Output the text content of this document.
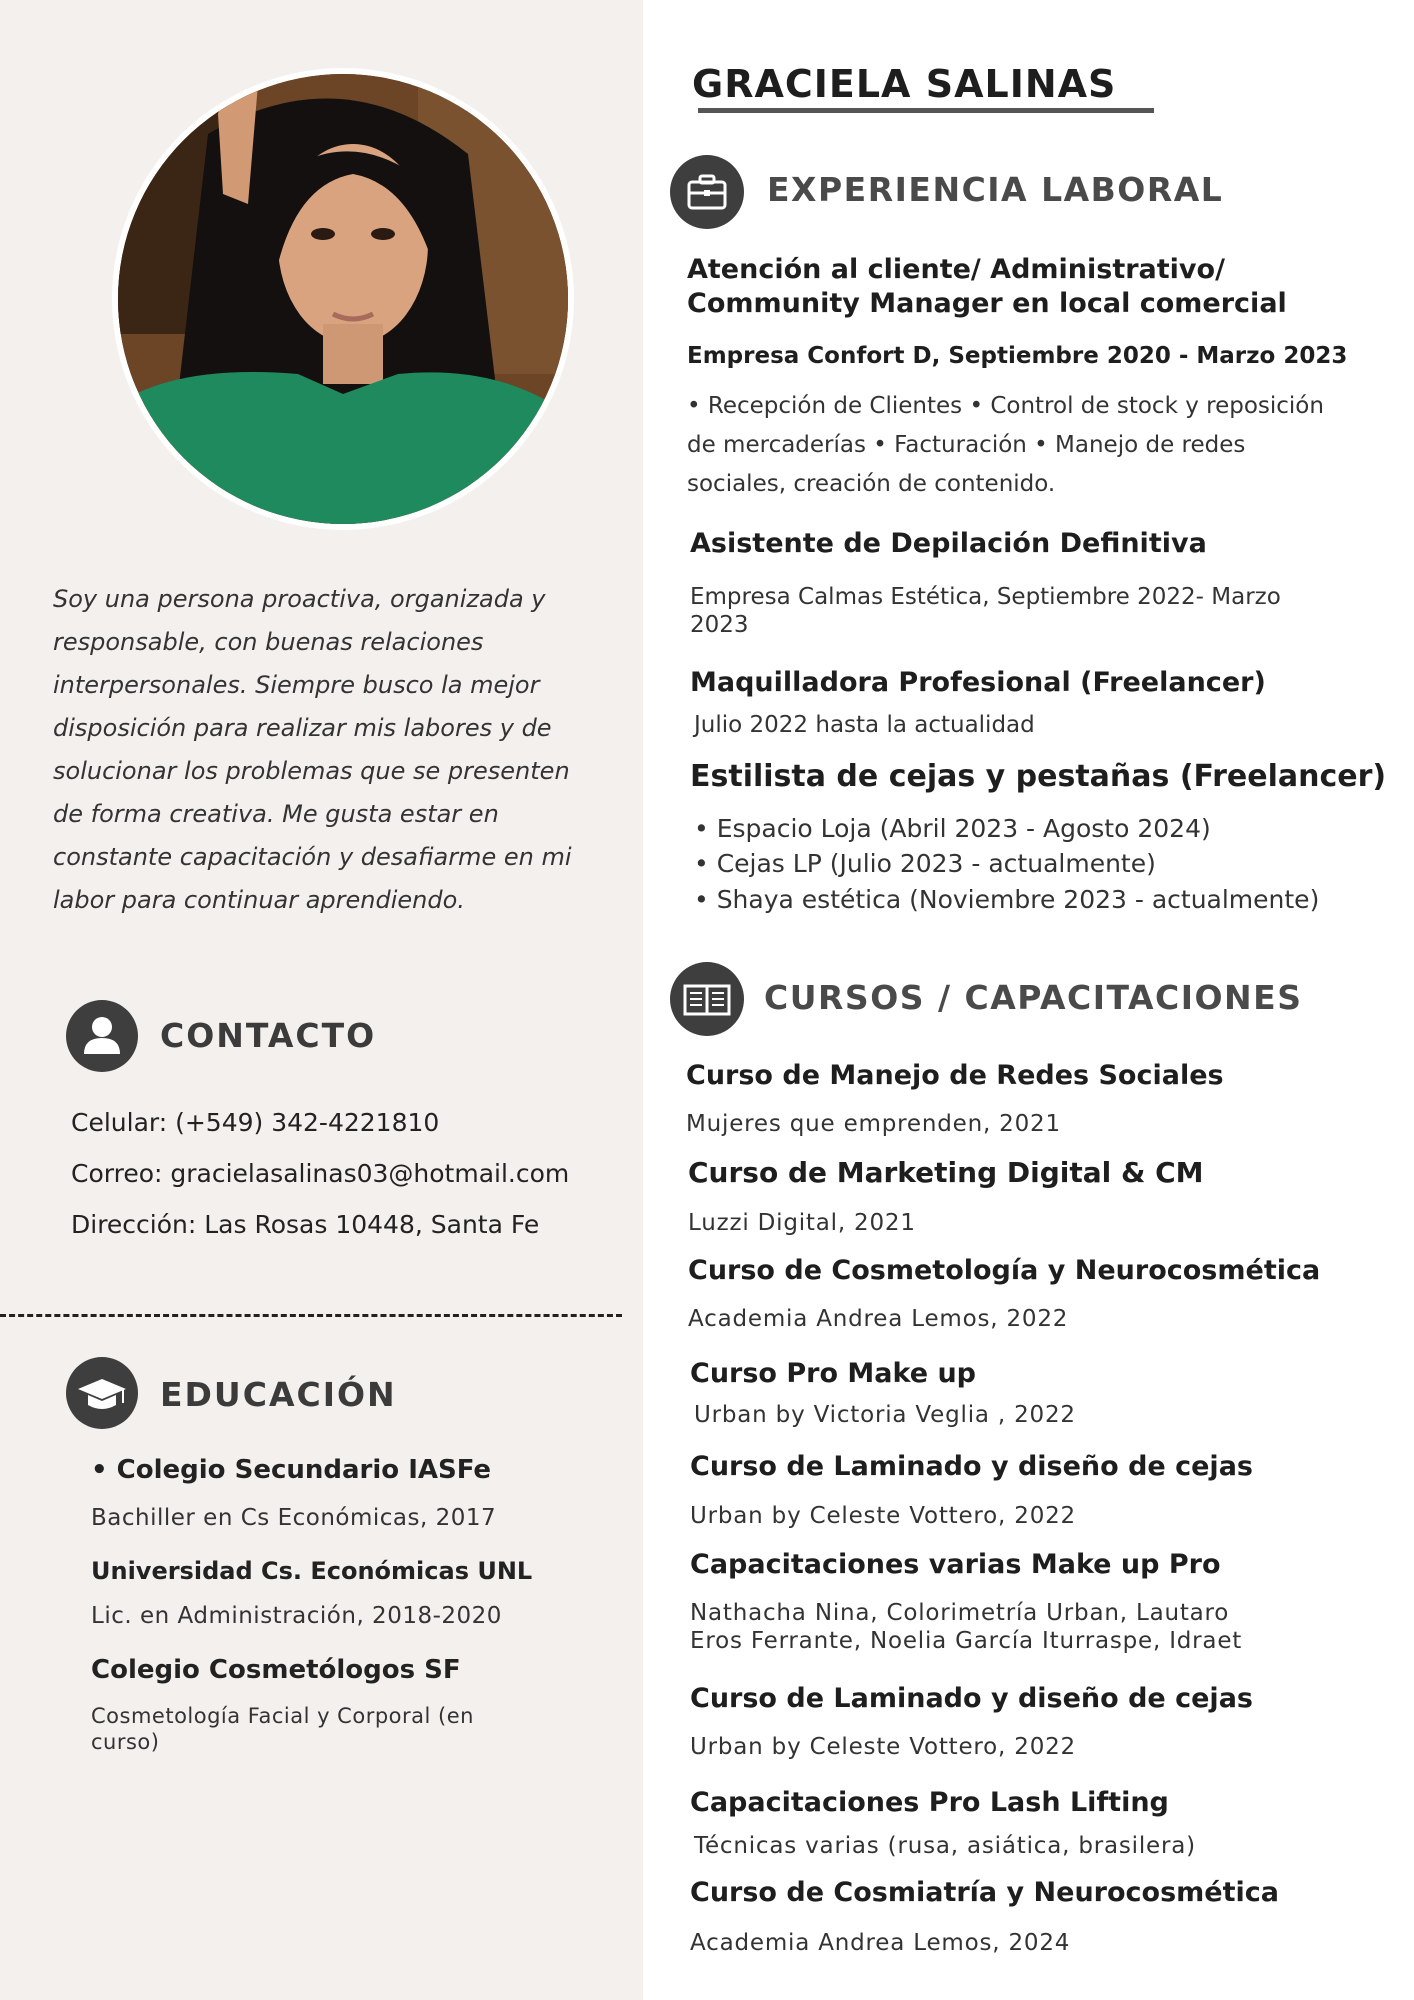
Soy una persona proactiva, organizada y responsable, con buenas relaciones interpersonales. Siempre busco la mejor disposición para realizar mis labores y de solucionar los problemas que se presenten de forma creativa. Me gusta estar en constante capacitación y desafiarme en mi labor para continuar aprendiendo.
CONTACTO
Celular: (+549) 342-4221810
Correo: gracielasalinas03@hotmail.com
Dirección: Las Rosas 10448, Santa Fe
EDUCACIÓN
• Colegio Secundario IASFe
Bachiller en Cs Económicas, 2017
Universidad Cs. Económicas UNL
Lic. en Administración, 2018-2020
Colegio Cosmetólogos SF
Cosmetología Facial y Corporal (en curso)
GRACIELA SALINAS
EXPERIENCIA LABORAL
Atención al cliente/ Administrativo/ Community Manager en local comercial
Empresa Confort D, Septiembre 2020 - Marzo 2023
• Recepción de Clientes • Control de stock y reposición de mercaderías • Facturación • Manejo de redes sociales, creación de contenido.
Asistente de Depilación Definitiva
Empresa Calmas Estética, Septiembre 2022- Marzo 2023
Maquilladora Profesional (Freelancer)
Julio 2022 hasta la actualidad
Estilista de cejas y pestañas (Freelancer)
• Espacio Loja (Abril 2023 - Agosto 2024)
• Cejas LP (Julio 2023 - actualmente)
• Shaya estética (Noviembre 2023 - actualmente)
CURSOS / CAPACITACIONES
Curso de Manejo de Redes Sociales
Mujeres que emprenden, 2021
Curso de Marketing Digital & CM
Luzzi Digital, 2021
Curso de Cosmetología y Neurocosmética
Academia Andrea Lemos, 2022
Curso Pro Make up
Urban by Victoria Veglia , 2022
Curso de Laminado y diseño de cejas
Urban by Celeste Vottero, 2022
Capacitaciones varias Make up Pro
Nathacha Nina, Colorimetría Urban, Lautaro Eros Ferrante, Noelia García Iturraspe, Idraet
Curso de Laminado y diseño de cejas
Urban by Celeste Vottero, 2022
Capacitaciones Pro Lash Lifting
Técnicas varias (rusa, asiática, brasilera)
Curso de Cosmiatría y Neurocosmética
Academia Andrea Lemos, 2024
